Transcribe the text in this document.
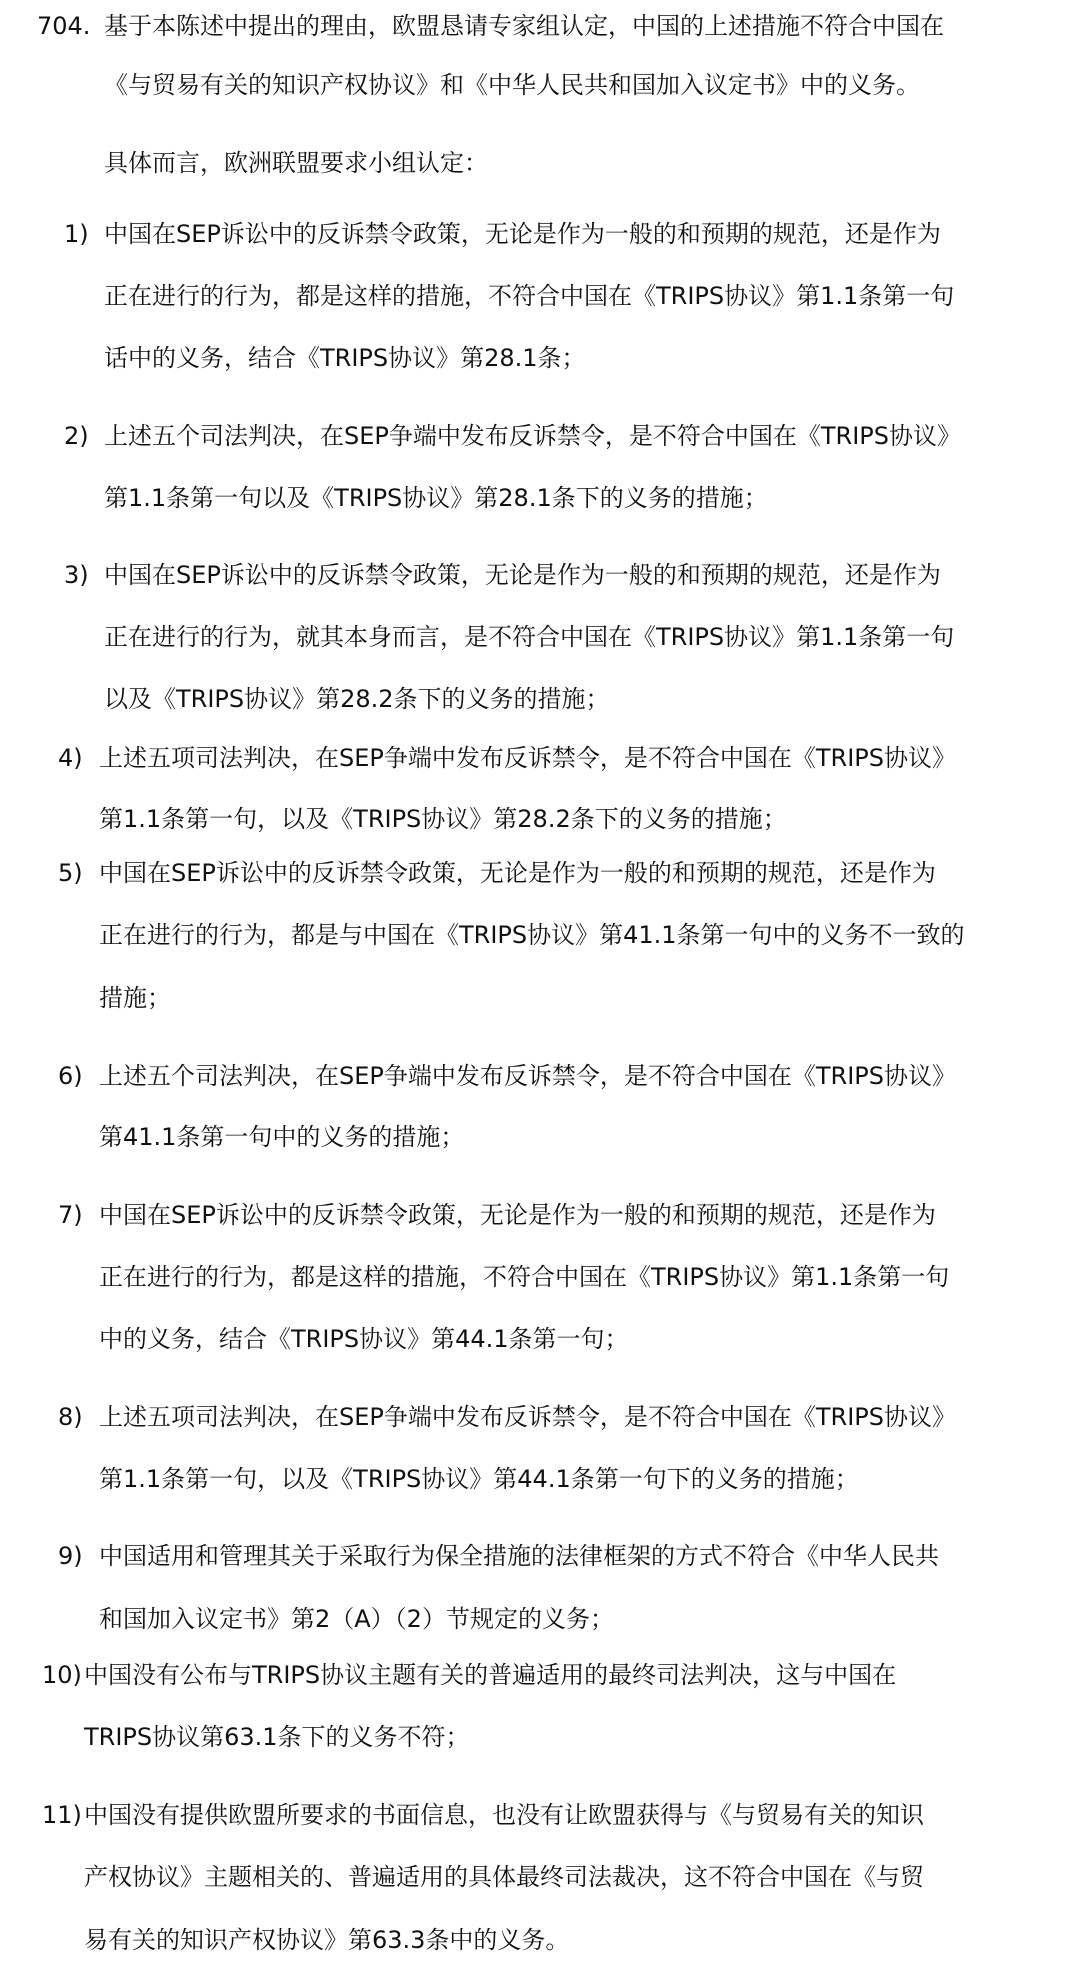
704. 基于本陈述中提出的理由，欧盟恳请专家组认定，中国的上述措施不符合中国在
《与贸易有关的知识产权协议》和《中华人民共和国加入议定书》中的义务。
具体而言，欧洲联盟要求小组认定：
1) 中国在SEP诉讼中的反诉禁令政策，无论是作为一般的和预期的规范，还是作为
正在进行的行为，都是这样的措施，不符合中国在《TRIPS协议》第1.1条第一句
话中的义务，结合《TRIPS协议》第28.1条；
2) 上述五个司法判决，在SEP争端中发布反诉禁令，是不符合中国在《TRIPS协议》
第1.1条第一句以及《TRIPS协议》第28.1条下的义务的措施；
3) 中国在SEP诉讼中的反诉禁令政策，无论是作为一般的和预期的规范，还是作为
正在进行的行为，就其本身而言，是不符合中国在《TRIPS协议》第1.1条第一句
以及《TRIPS协议》第28.2条下的义务的措施；
4) 上述五项司法判决，在SEP争端中发布反诉禁令，是不符合中国在《TRIPS协议》
第1.1条第一句，以及《TRIPS协议》第28.2条下的义务的措施；
5) 中国在SEP诉讼中的反诉禁令政策，无论是作为一般的和预期的规范，还是作为
正在进行的行为，都是与中国在《TRIPS协议》第41.1条第一句中的义务不一致的
措施；
6) 上述五个司法判决，在SEP争端中发布反诉禁令，是不符合中国在《TRIPS协议》
第41.1条第一句中的义务的措施；
7) 中国在SEP诉讼中的反诉禁令政策，无论是作为一般的和预期的规范，还是作为
正在进行的行为，都是这样的措施，不符合中国在《TRIPS协议》第1.1条第一句
中的义务，结合《TRIPS协议》第44.1条第一句；
8) 上述五项司法判决，在SEP争端中发布反诉禁令，是不符合中国在《TRIPS协议》
第1.1条第一句，以及《TRIPS协议》第44.1条第一句下的义务的措施；
9) 中国适用和管理其关于采取行为保全措施的法律框架的方式不符合《中华人民共
和国加入议定书》第2（A）（2）节规定的义务；
10) 中国没有公布与TRIPS协议主题有关的普遍适用的最终司法判决，这与中国在
TRIPS协议第63.1条下的义务不符；
11) 中国没有提供欧盟所要求的书面信息，也没有让欧盟获得与《与贸易有关的知识
产权协议》主题相关的、普遍适用的具体最终司法裁决，这不符合中国在《与贸
易有关的知识产权协议》第63.3条中的义务。
